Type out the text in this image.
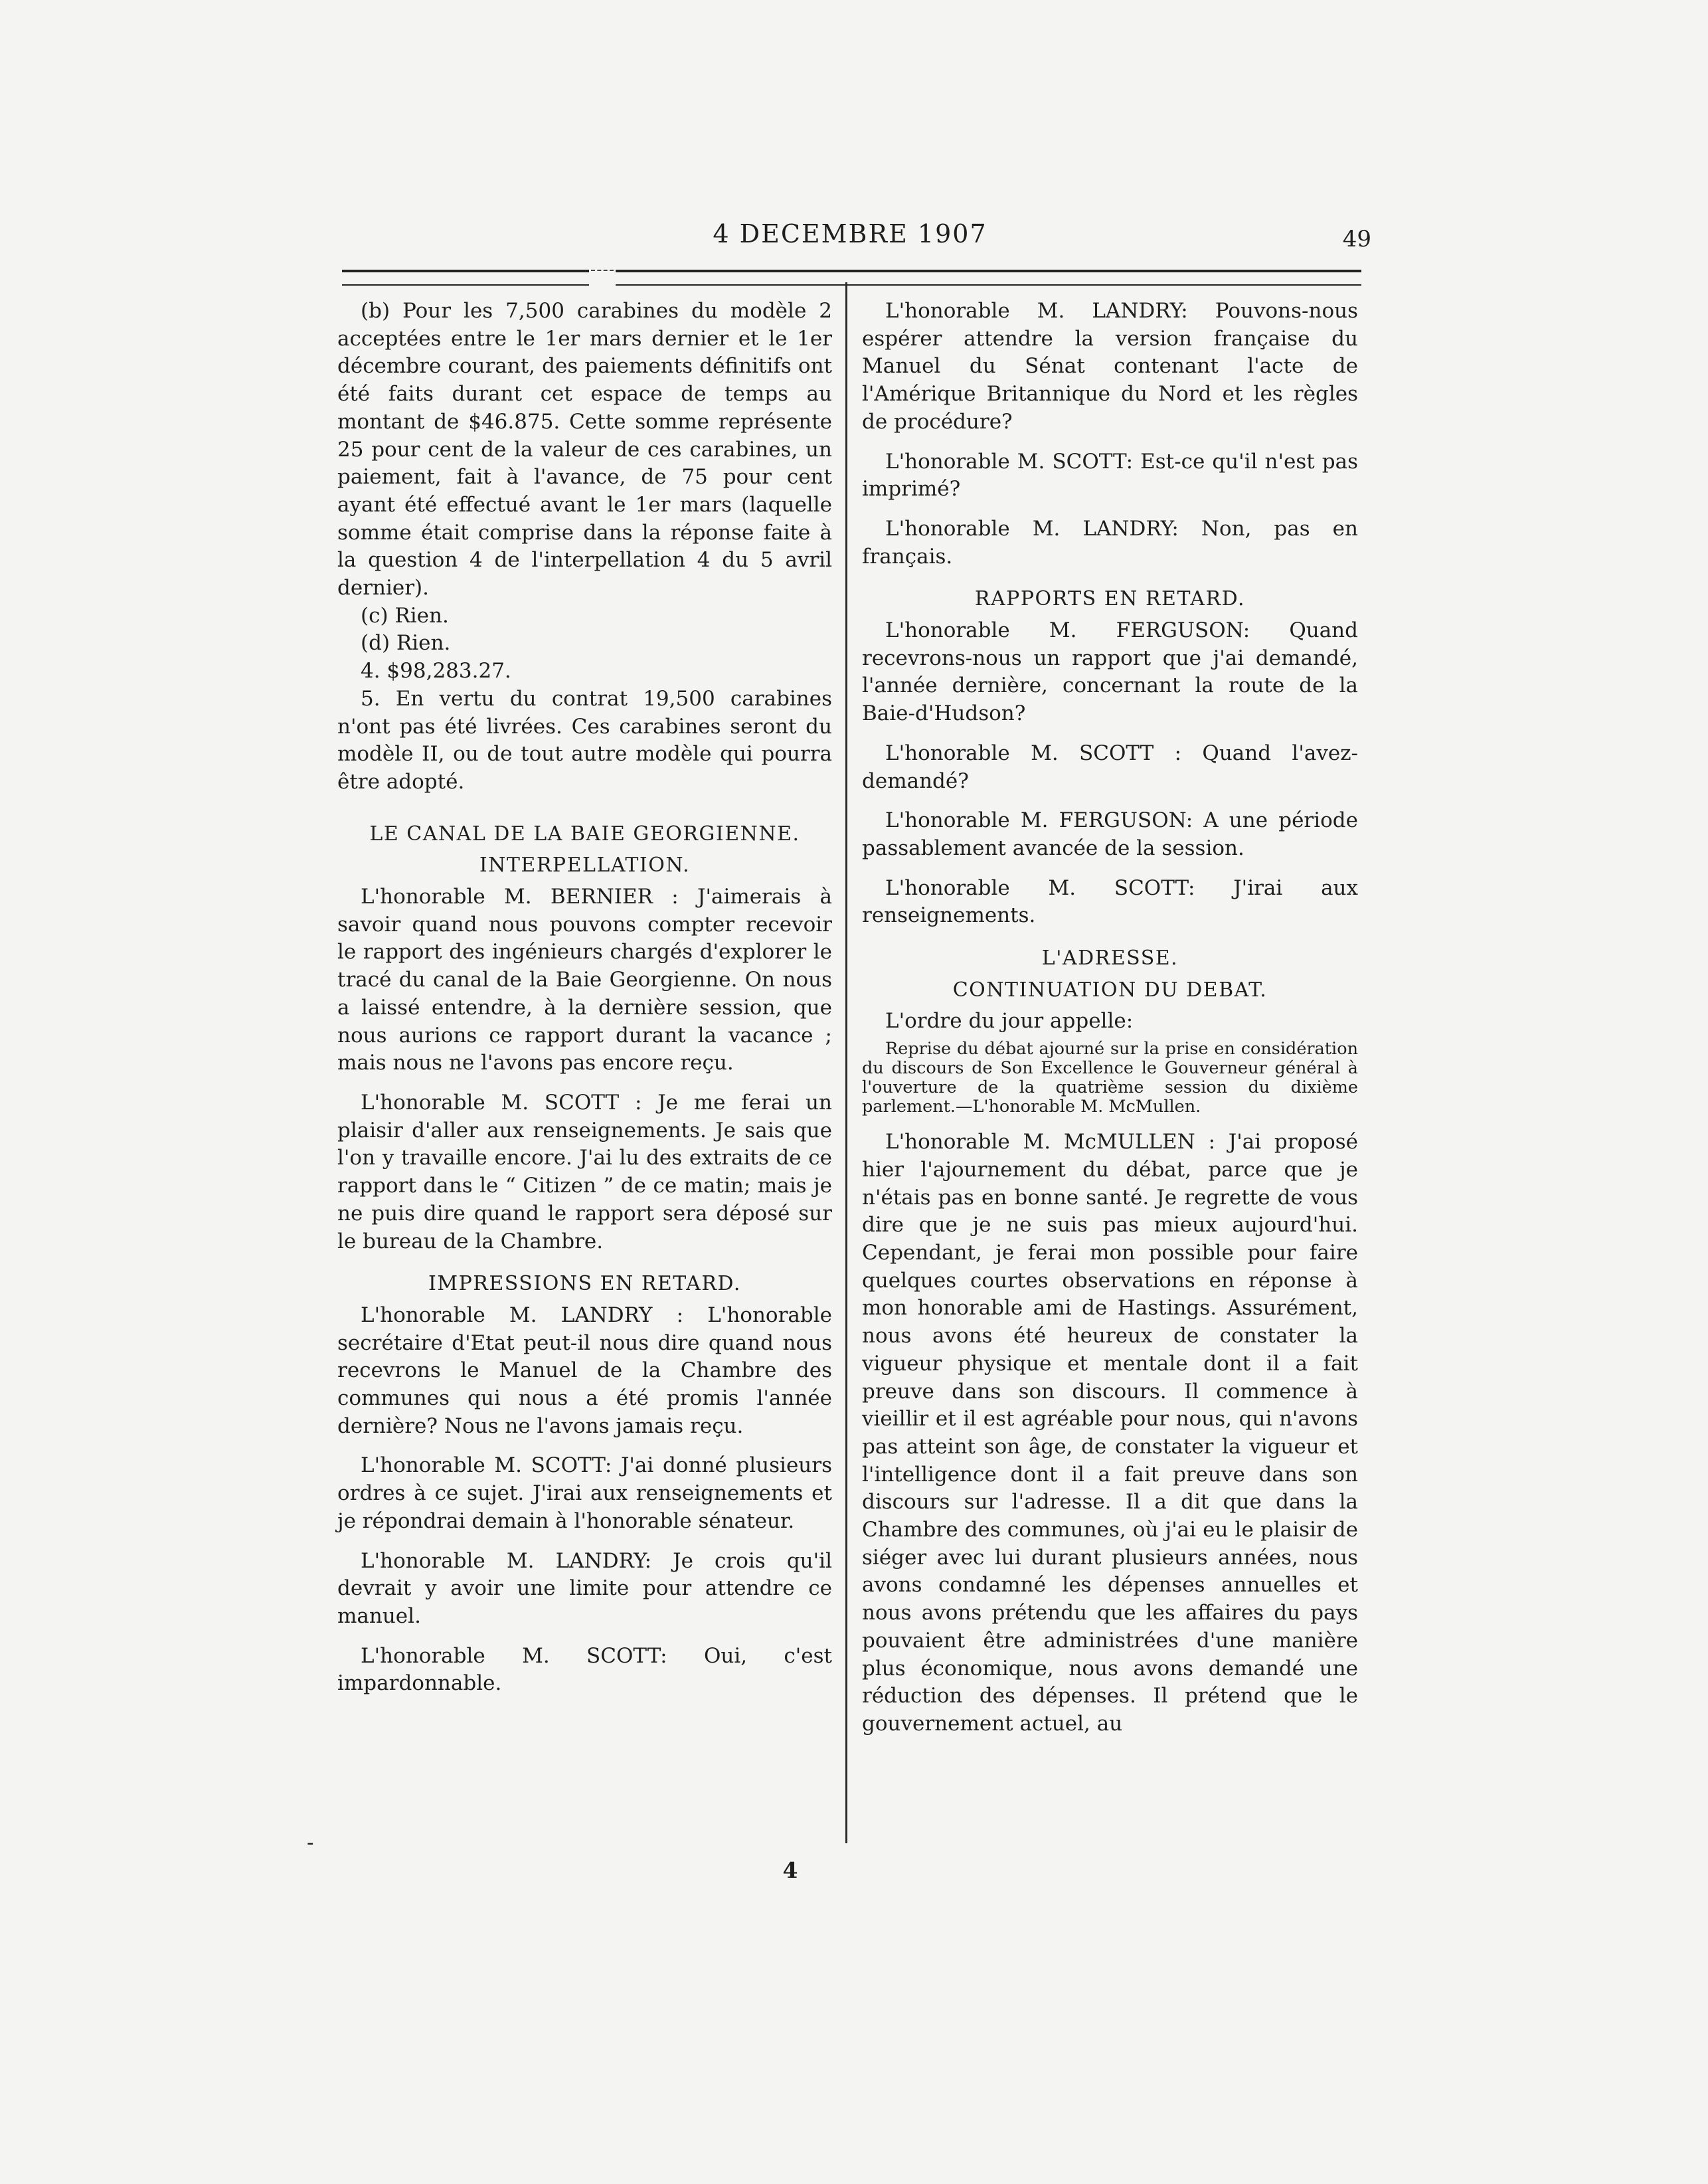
4 DECEMBRE 1907	49

(b) Pour les 7,500 carabines du modèle 2 acceptées entre le 1er mars dernier et le 1er décembre courant, des paiements définitifs ont été faits durant cet espace de temps au montant de $46.875. Cette somme représente 25 pour cent de la valeur de ces carabines, un paiement, fait à l'avance, de 75 pour cent ayant été effectué avant le 1er mars (laquelle somme était comprise dans la réponse faite à la question 4 de l'interpellation 4 du 5 avril dernier).

(c) Rien.

(d) Rien.

4. $98,283.27.

5. En vertu du contrat 19,500 carabines n'ont pas été livrées. Ces carabines seront du modèle II, ou de tout autre modèle qui pourra être adopté.

LE CANAL DE LA BAIE GEORGIENNE.

INTERPELLATION.

L'honorable M. BERNIER : J'aimerais à savoir quand nous pouvons compter recevoir le rapport des ingénieurs chargés d'explorer le tracé du canal de la Baie Georgienne. On nous a laissé entendre, à la dernière session, que nous aurions ce rapport durant la vacance ; mais nous ne l'avons pas encore reçu.

L'honorable M. SCOTT : Je me ferai un plaisir d'aller aux renseignements. Je sais que l'on y travaille encore. J'ai lu des extraits de ce rapport dans le “ Citizen ” de ce matin; mais je ne puis dire quand le rapport sera déposé sur le bureau de la Chambre.

IMPRESSIONS EN RETARD.

L'honorable M. LANDRY : L'honorable secrétaire d'Etat peut-il nous dire quand nous recevrons le Manuel de la Chambre des communes qui nous a été promis l'année dernière? Nous ne l'avons jamais reçu.

L'honorable M. SCOTT: J'ai donné plusieurs ordres à ce sujet. J'irai aux renseignements et je répondrai demain à l'honorable sénateur.

L'honorable M. LANDRY: Je crois qu'il devrait y avoir une limite pour attendre ce manuel.

L'honorable M. SCOTT: Oui, c'est impardonnable.

L'honorable M. LANDRY: Pouvons-nous espérer attendre la version française du Manuel du Sénat contenant l'acte de l'Amérique Britannique du Nord et les règles de procédure?

L'honorable M. SCOTT: Est-ce qu'il n'est pas imprimé?

L'honorable M. LANDRY: Non, pas en français.

RAPPORTS EN RETARD.

L'honorable M. FERGUSON: Quand recevrons-nous un rapport que j'ai demandé, l'année dernière, concernant la route de la Baie-d'Hudson?

L'honorable M. SCOTT : Quand l'avez-demandé?

L'honorable M. FERGUSON: A une période passablement avancée de la session.

L'honorable M. SCOTT: J'irai aux renseignements.

L'ADRESSE.

CONTINUATION DU DEBAT.

L'ordre du jour appelle:

Reprise du débat ajourné sur la prise en considération du discours de Son Excellence le Gouverneur général à l'ouverture de la quatrième session du dixième parlement.—L'honorable M. McMullen.

L'honorable M. McMULLEN : J'ai proposé hier l'ajournement du débat, parce que je n'étais pas en bonne santé. Je regrette de vous dire que je ne suis pas mieux aujourd'hui. Cependant, je ferai mon possible pour faire quelques courtes observations en réponse à mon honorable ami de Hastings. Assurément, nous avons été heureux de constater la vigueur physique et mentale dont il a fait preuve dans son discours. Il commence à vieillir et il est agréable pour nous, qui n'avons pas atteint son âge, de constater la vigueur et l'intelligence dont il a fait preuve dans son discours sur l'adresse. Il a dit que dans la Chambre des communes, où j'ai eu le plaisir de siéger avec lui durant plusieurs années, nous avons condamné les dépenses annuelles et nous avons prétendu que les affaires du pays pouvaient être administrées d'une manière plus économique, nous avons demandé une réduction des dépenses. Il prétend que le gouvernement actuel, au

-
4
